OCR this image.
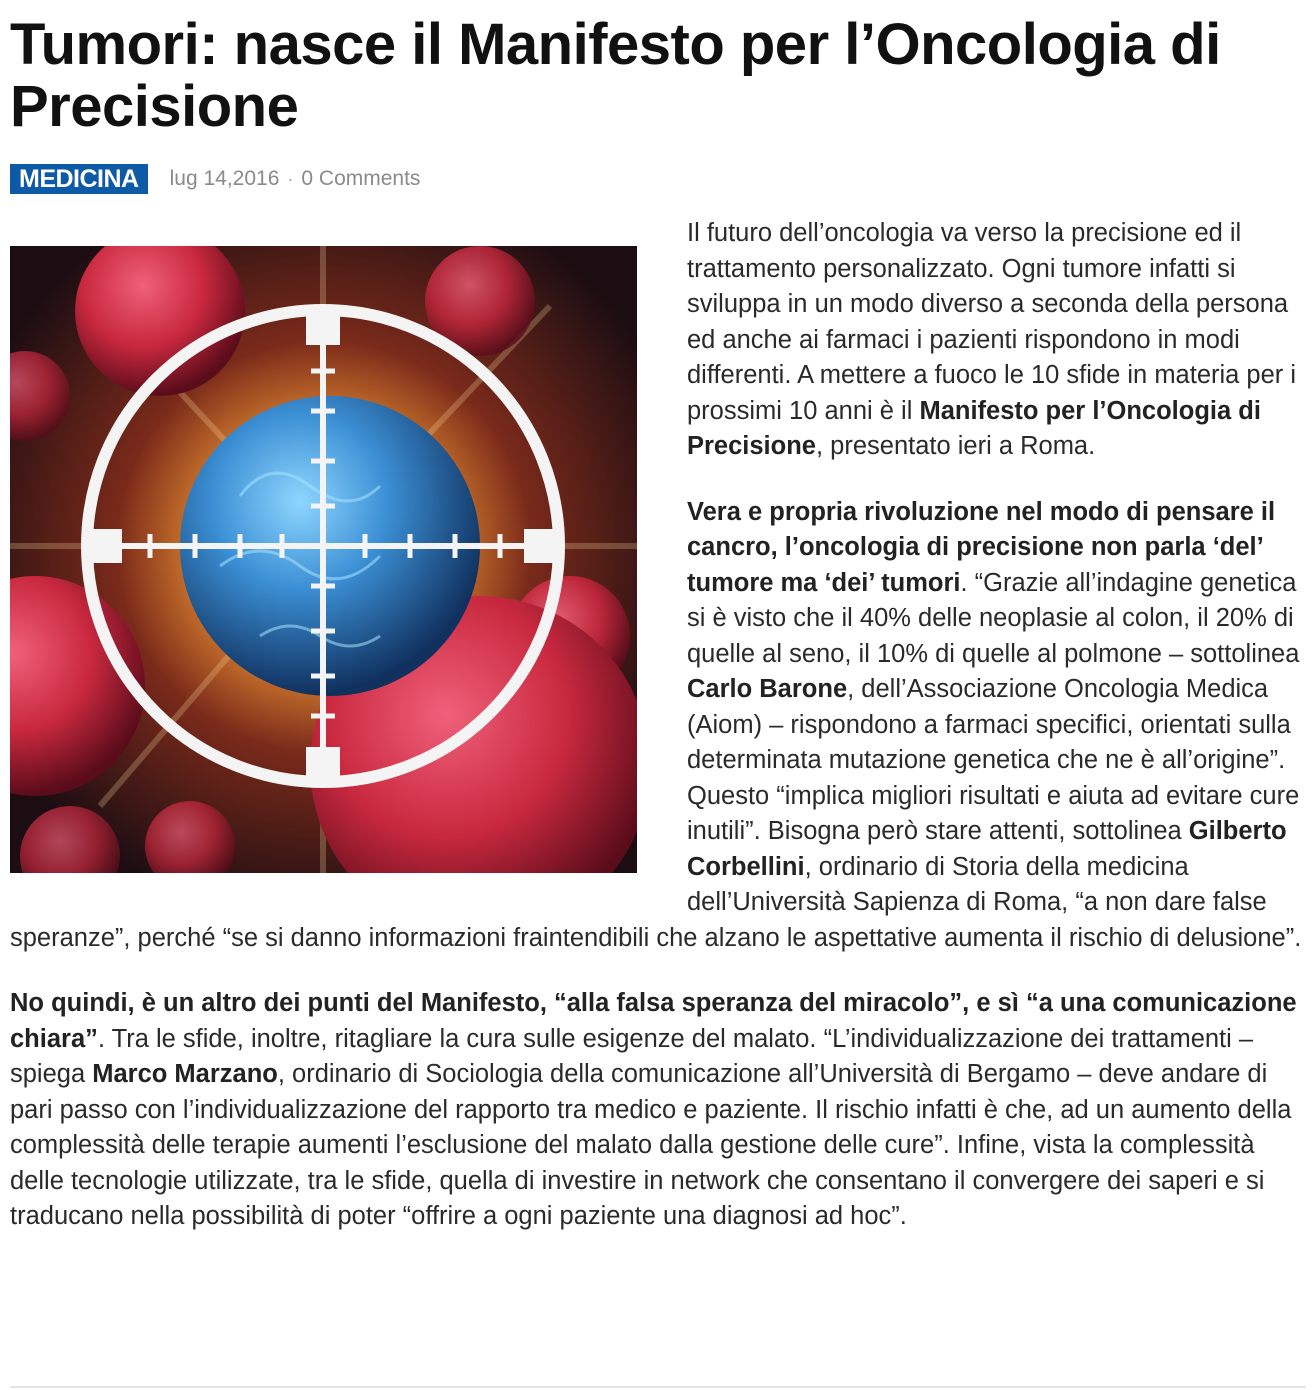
Tumori: nasce il Manifesto per l’Oncologia di Precisione
MEDICINA	lug 14,2016 · 0 Comments

Il futuro dell’oncologia va verso la precisione ed il trattamento personalizzato. Ogni tumore infatti si sviluppa in un modo diverso a seconda della persona ed anche ai farmaci i pazienti rispondono in modi differenti. A mettere a fuoco le 10 sfide in materia per i prossimi 10 anni è il Manifesto per l’Oncologia di Precisione, presentato ieri a Roma.

Vera e propria rivoluzione nel modo di pensare il cancro, l’oncologia di precisione non parla ‘del’ tumore ma ‘dei’ tumori. “Grazie all’indagine genetica si è visto che il 40% delle neoplasie al colon, il 20% di quelle al seno, il 10% di quelle al polmone – sottolinea Carlo Barone, dell’Associazione Oncologia Medica (Aiom) – rispondono a farmaci specifici, orientati sulla determinata mutazione genetica che ne è all’origine”. Questo “implica migliori risultati e aiuta ad evitare cure inutili”. Bisogna però stare attenti, sottolinea Gilberto Corbellini, ordinario di Storia della medicina dell’Università Sapienza di Roma, “a non dare false speranze”, perché “se si danno informazioni fraintendibili che alzano le aspettative aumenta il rischio di delusione”.

No quindi, è un altro dei punti del Manifesto, “alla falsa speranza del miracolo”, e sì “a una comunicazione chiara”. Tra le sfide, inoltre, ritagliare la cura sulle esigenze del malato. “L’individualizzazione dei trattamenti – spiega Marco Marzano, ordinario di Sociologia della comunicazione all’Università di Bergamo – deve andare di pari passo con l’individualizzazione del rapporto tra medico e paziente. Il rischio infatti è che, ad un aumento della complessità delle terapie aumenti l’esclusione del malato dalla gestione delle cure”. Infine, vista la complessità delle tecnologie utilizzate, tra le sfide, quella di investire in network che consentano il convergere dei saperi e si traducano nella possibilità di poter “offrire a ogni paziente una diagnosi ad hoc”.
